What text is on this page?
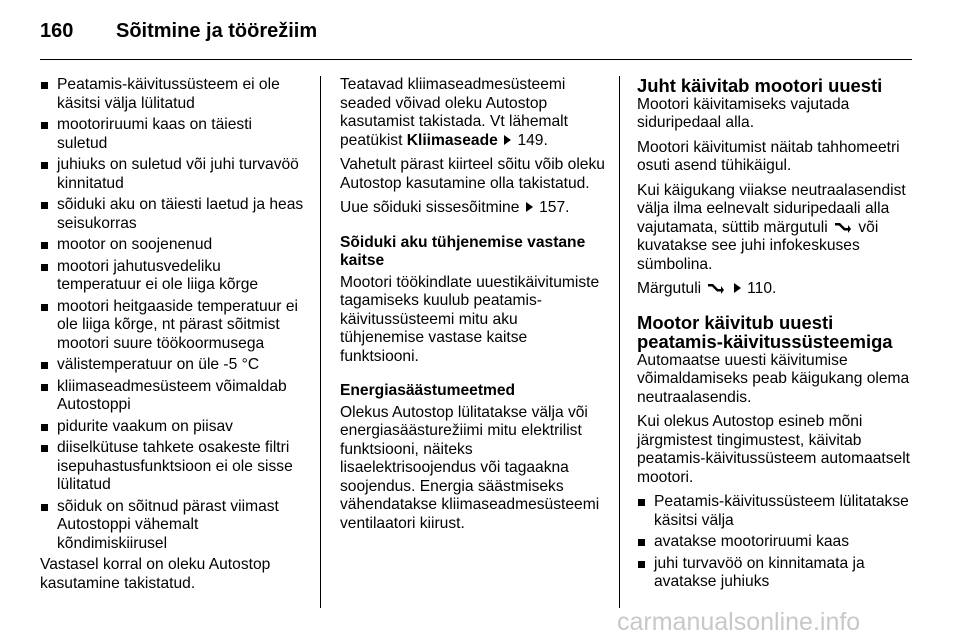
160	Sõitmine ja töörežiim
Peatamis-käivitussüsteem ei ole käsitsi välja lülitatud
mootoriruumi kaas on täiesti suletud
juhiuks on suletud või juhi turvavöö kinnitatud
sõiduki aku on täiesti laetud ja heas seisukorras
mootor on soojenenud
mootori jahutusvedeliku temperatuur ei ole liiga kõrge
mootori heitgaaside temperatuur ei ole liiga kõrge, nt pärast sõitmist mootori suure töökoormusega
välistemperatuur on üle -5 °C
kliimaseadmesüsteem võimaldab Autostoppi
pidurite vaakum on piisav
diiselkütuse tahkete osakeste filtri isepuhastusfunktsioon ei ole sisse lülitatud
sõiduk on sõitnud pärast viimast Autostoppi vähemalt kõndimiskiirusel

Vastasel korral on oleku Autostop kasutamine takistatud.

Teatavad kliimaseadmesüsteemi seaded võivad oleku Autostop kasutamist takistada. Vt lähemalt peatükist Kliimaseade 149.

Vahetult pärast kiirteel sõitu võib oleku Autostop kasutamine olla takistatud.

Uue sõiduki sissesõitmine 157.

Sõiduki aku tühjenemise vastane kaitse

Mootori töökindlate uuestikäivitumiste tagamiseks kuulub peatamis-käivitussüsteemi mitu aku tühjenemise vastase kaitse funktsiooni.

Energiasäästumeetmed

Olekus Autostop lülitatakse välja või energiasäästurežiimi mitu elektrilist funktsiooni, näiteks lisaelektrisoojendus või tagaakna soojendus. Energia säästmiseks vähendatakse kliimaseadmesüsteemi ventilaatori kiirust.

Juht käivitab mootori uuesti

Mootori käivitamiseks vajutada siduripedaal alla.

Mootori käivitumist näitab tahhomeetri osuti asend tühikäigul.

Kui käigukang viiakse neutraalasendist välja ilma eelnevalt siduripedaali alla vajutamata, süttib märgutuli või kuvatakse see juhi infokeskuses sümbolina.

Märgutuli	110.

Mootor käivitub uuesti peatamis-käivitussüsteemiga

Automaatse uuesti käivitumise võimaldamiseks peab käigukang olema neutraalasendis.

Kui olekus Autostop esineb mõni järgmistest tingimustest, käivitab peatamis-käivitussüsteem automaatselt mootori.

Peatamis-käivitussüsteem lülitatakse käsitsi välja
avatakse mootoriruumi kaas
juhi turvavöö on kinnitamata ja avatakse juhiuks
carmanualsonline.info
